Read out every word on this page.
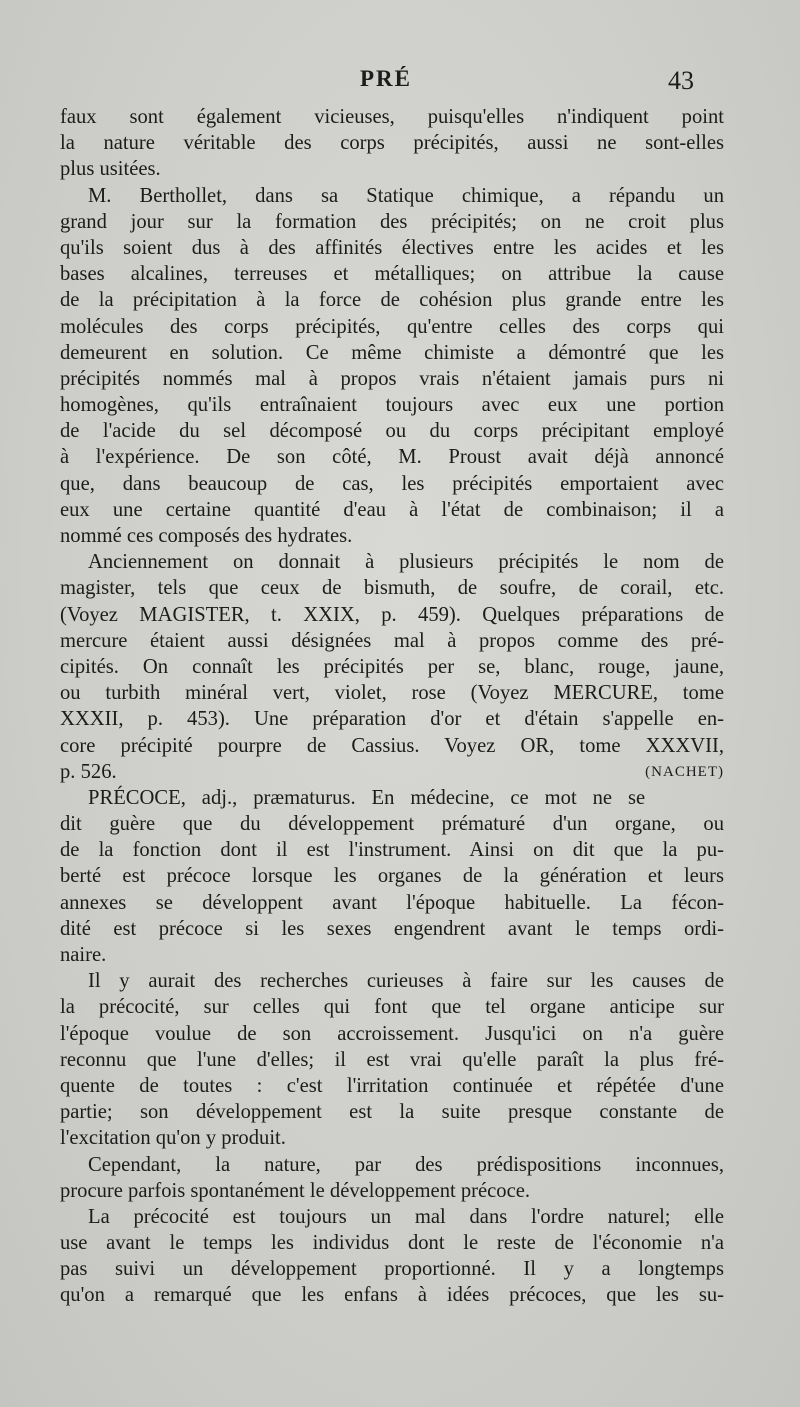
PRÉ	43
faux sont également vicieuses, puisqu'elles n'indiquent point
la nature véritable des corps précipités, aussi ne sont-elles
plus usitées.
M. Berthollet, dans sa Statique chimique, a répandu un
grand jour sur la formation des précipités; on ne croit plus
qu'ils soient dus à des affinités électives entre les acides et les
bases alcalines, terreuses et métalliques; on attribue la cause
de la précipitation à la force de cohésion plus grande entre les
molécules des corps précipités, qu'entre celles des corps qui
demeurent en solution. Ce même chimiste a démontré que les
précipités nommés mal à propos vrais n'étaient jamais purs ni
homogènes, qu'ils entraînaient toujours avec eux une portion
de l'acide du sel décomposé ou du corps précipitant employé
à l'expérience. De son côté, M. Proust avait déjà annoncé
que, dans beaucoup de cas, les précipités emportaient avec
eux une certaine quantité d'eau à l'état de combinaison; il a
nommé ces composés des hydrates.
Anciennement on donnait à plusieurs précipités le nom de
magister, tels que ceux de bismuth, de soufre, de corail, etc.
(Voyez MAGISTER, t. XXIX, p. 459). Quelques préparations de
mercure étaient aussi désignées mal à propos comme des pré-
cipités. On connaît les précipités per se, blanc, rouge, jaune,
ou turbith minéral vert, violet, rose (Voyez MERCURE, tome
XXXII, p. 453). Une préparation d'or et d'étain s'appelle en-
core précipité pourpre de Cassius. Voyez OR, tome XXXVII,
p. 526.	(NACHET)
PRÉCOCE, adj., præmaturus. En médecine, ce mot ne se
dit guère que du développement prématuré d'un organe, ou
de la fonction dont il est l'instrument. Ainsi on dit que la pu-
berté est précoce lorsque les organes de la génération et leurs
annexes se développent avant l'époque habituelle. La fécon-
dité est précoce si les sexes engendrent avant le temps ordi-
naire.
Il y aurait des recherches curieuses à faire sur les causes de
la précocité, sur celles qui font que tel organe anticipe sur
l'époque voulue de son accroissement. Jusqu'ici on n'a guère
reconnu que l'une d'elles; il est vrai qu'elle paraît la plus fré-
quente de toutes : c'est l'irritation continuée et répétée d'une
partie; son développement est la suite presque constante de
l'excitation qu'on y produit.
Cependant, la nature, par des prédispositions inconnues,
procure parfois spontanément le développement précoce.
La précocité est toujours un mal dans l'ordre naturel; elle
use avant le temps les individus dont le reste de l'économie n'a
pas suivi un développement proportionné. Il y a longtemps
qu'on a remarqué que les enfans à idées précoces, que les su-
